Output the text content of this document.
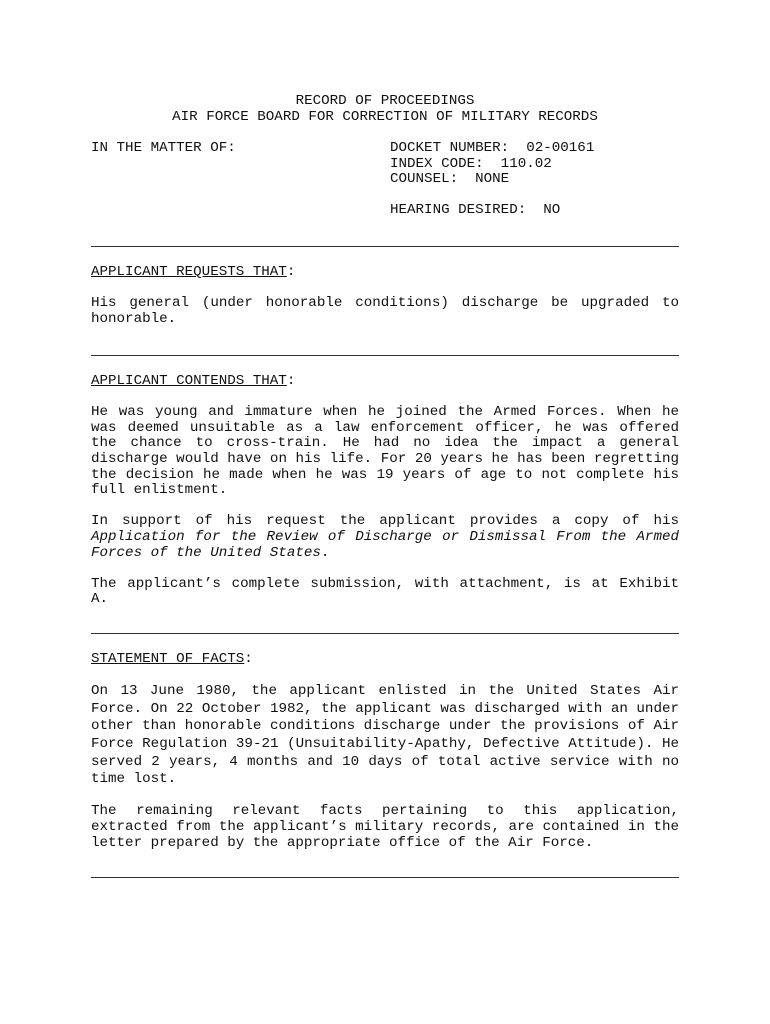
RECORD OF PROCEEDINGS
AIR FORCE BOARD FOR CORRECTION OF MILITARY RECORDS
IN THE MATTER OF:	DOCKET NUMBER:  02-00161
INDEX CODE:  110.02
COUNSEL:  NONE
HEARING DESIRED:  NO
APPLICANT REQUESTS THAT:

His general (under honorable conditions) discharge be upgraded to honorable.

APPLICANT CONTENDS THAT:

He was young and immature when he joined the Armed Forces. When he was deemed unsuitable as a law enforcement officer, he was offered the chance to cross-train. He had no idea the impact a general discharge would have on his life. For 20 years he has been regretting the decision he made when he was 19 years of age to not complete his full enlistment.

In support of his request the applicant provides a copy of his Application for the Review of Discharge or Dismissal From the Armed Forces of the United States.

The applicant’s complete submission, with attachment, is at Exhibit A.

STATEMENT OF FACTS:

On 13 June 1980, the applicant enlisted in the United States Air Force. On 22 October 1982, the applicant was discharged with an under other than honorable conditions discharge under the provisions of Air Force Regulation 39-21 (Unsuitability-Apathy, Defective Attitude). He served 2 years, 4 months and 10 days of total active service with no time lost.

The remaining relevant facts pertaining to this application, extracted from the applicant’s military records, are contained in the letter prepared by the appropriate office of the Air Force.
